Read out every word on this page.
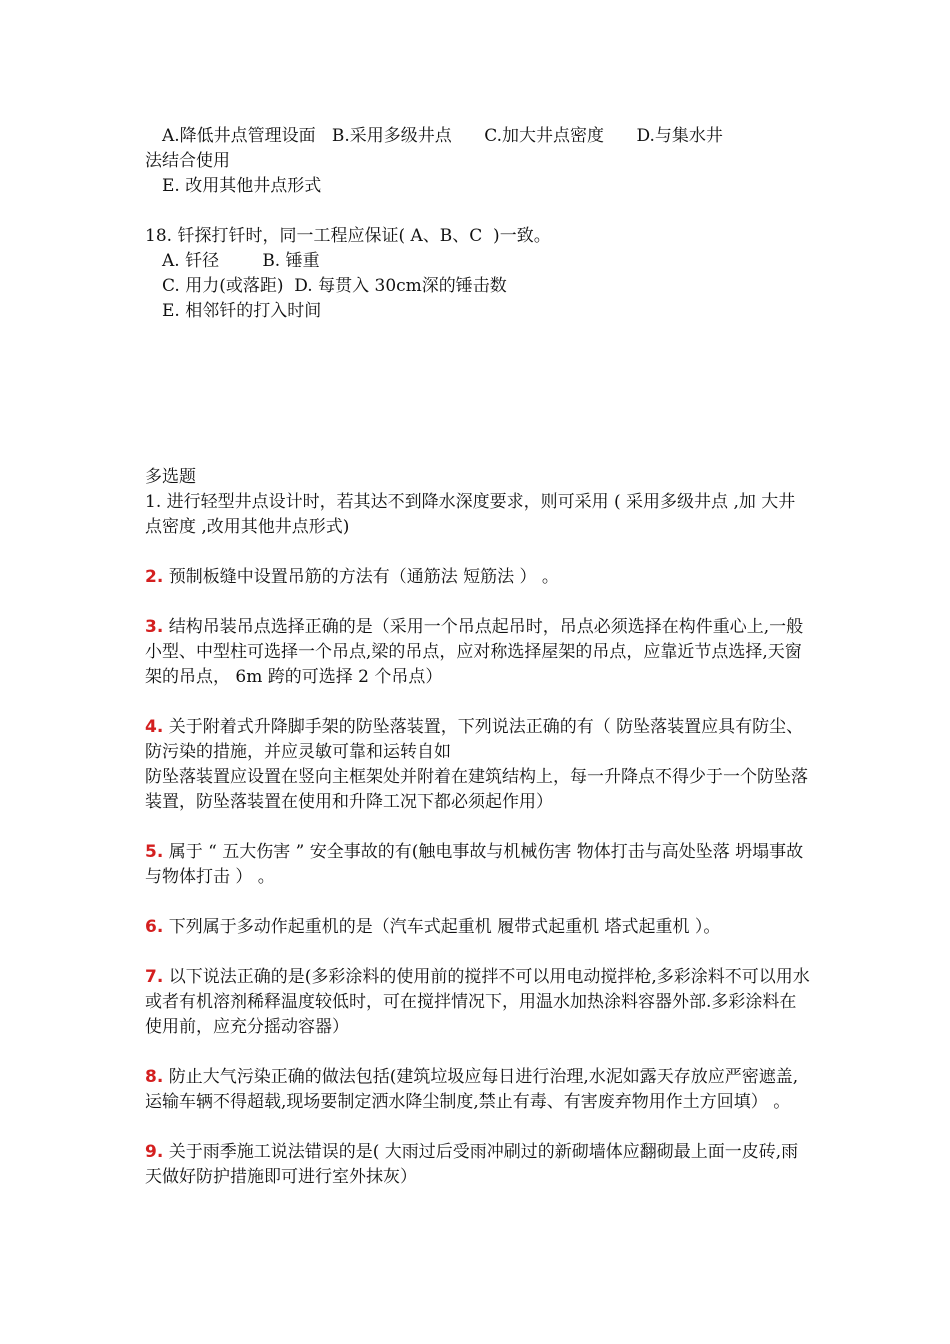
A.降低井点管理设面   B.采用多级井点      C.加大井点密度      D.与集水井
法结合使用
E. 改用其他井点形式
18. 钎探打钎时，同一工程应保证( A、B、C  )一致。
A. 钎径        B. 锤重
C. 用力(或落距)  D. 每贯入 30cm深的锤击数
E. 相邻钎的打入时间
多选题
1. 进行轻型井点设计时，若其达不到降水深度要求，则可采用 ( 采用多级井点 ,加 大井点密度 ,改用其他井点形式)

2. 预制板缝中设置吊筋的方法有（通筋法 短筋法 ） 。

3. 结构吊装吊点选择正确的是（采用一个吊点起吊时，吊点必须选择在构件重心上,一般小型、中型柱可选择一个吊点,梁的吊点，应对称选择屋架的吊点，应靠近节点选择,天窗架的吊点， 6m 跨的可选择 2 个吊点）

4. 关于附着式升降脚手架的防坠落装置，下列说法正确的有（ 防坠落装置应具有防尘、防污染的措施，并应灵敏可靠和运转自如

防坠落装置应设置在竖向主框架处并附着在建筑结构上，每一升降点不得少于一个防坠落装置，防坠落装置在使用和升降工况下都必须起作用）

5. 属于 “ 五大伤害 ” 安全事故的有(触电事故与机械伤害 物体打击与高处坠落 坍塌事故与物体打击 ） 。

6. 下列属于多动作起重机的是（汽车式起重机 履带式起重机 塔式起重机 ）。

7. 以下说法正确的是(多彩涂料的使用前的搅拌不可以用电动搅拌枪,多彩涂料不可以用水或者有机溶剂稀释温度较低时，可在搅拌情况下，用温水加热涂料容器外部.多彩涂料在使用前，应充分摇动容器）

8. 防止大气污染正确的做法包括(建筑垃圾应每日进行治理,水泥如露天存放应严密遮盖,运输车辆不得超载,现场要制定洒水降尘制度,禁止有毒、有害废弃物用作土方回填） 。

9. 关于雨季施工说法错误的是( 大雨过后受雨冲刷过的新砌墙体应翻砌最上面一皮砖,雨天做好防护措施即可进行室外抹灰）
